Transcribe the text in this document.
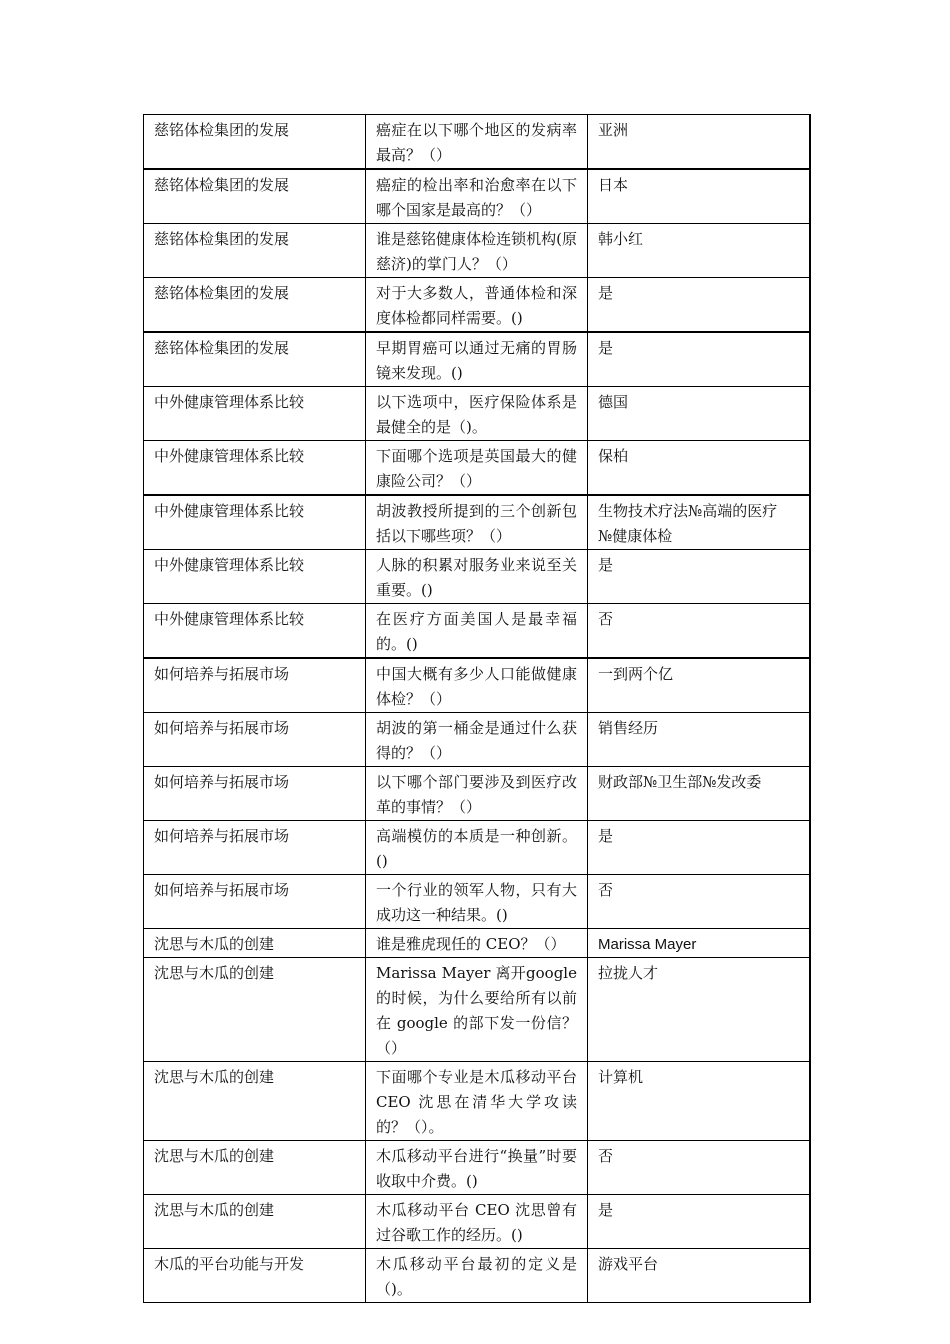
慈铭体检集团的发展	癌症在以下哪个地区的发病率最高？（）	亚洲

慈铭体检集团的发展	癌症的检出率和治愈率在以下哪个国家是最高的？（）	日本

慈铭体检集团的发展	谁是慈铭健康体检连锁机构(原慈济)的掌门人？（）	韩小红

慈铭体检集团的发展	对于大多数人，普通体检和深度体检都同样需要。()	是

慈铭体检集团的发展	早期胃癌可以通过无痛的胃肠镜来发现。()	是

中外健康管理体系比较	以下选项中，医疗保险体系是最健全的是（)。	德国

中外健康管理体系比较	下面哪个选项是英国最大的健康险公司？（）	保柏

中外健康管理体系比较	胡波教授所提到的三个创新包括以下哪些项？（）	生物技术疗法№高端的医疗№健康体检

中外健康管理体系比较	人脉的积累对服务业来说至关重要。()	是

中外健康管理体系比较	在医疗方面美国人是最幸福的。()	否

如何培养与拓展市场	中国大概有多少人口能做健康体检？（）	一到两个亿

如何培养与拓展市场	胡波的第一桶金是通过什么获得的？（）	销售经历

如何培养与拓展市场	以下哪个部门要涉及到医疗改革的事情？（）	财政部№卫生部№发改委

如何培养与拓展市场	高端模仿的本质是一种创新。()	是

如何培养与拓展市场	一个行业的领军人物，只有大成功这一种结果。()	否

沈思与木瓜的创建	谁是雅虎现任的 CEO？（）	Marissa Mayer

沈思与木瓜的创建	Marissa Mayer 离开google 的时候，为什么要给所有以前在 google 的部下发一份信？（）	拉拢人才

沈思与木瓜的创建	下面哪个专业是木瓜移动平台 CEO 沈思在清华大学攻读的？（）。	计算机

沈思与木瓜的创建	木瓜移动平台进行“换量”时要收取中介费。()	否

沈思与木瓜的创建	木瓜移动平台 CEO 沈思曾有过谷歌工作的经历。()	是

木瓜的平台功能与开发	木瓜移动平台最初的定义是（)。	游戏平台
